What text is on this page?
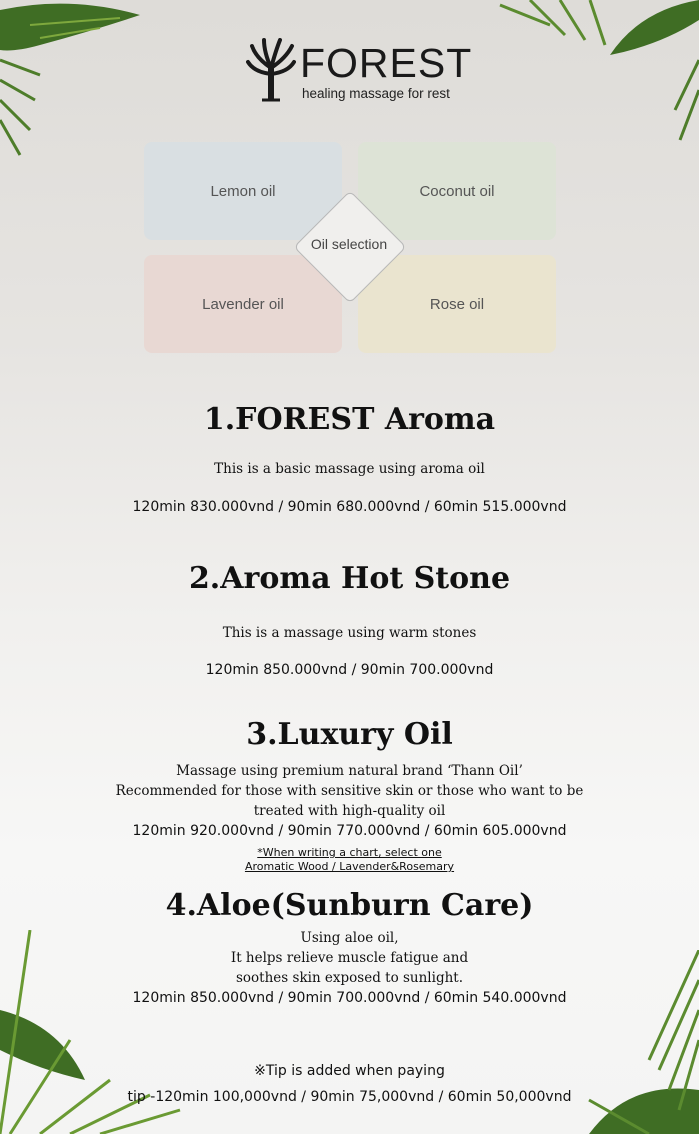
FOREST
healing massage for rest
Lemon oil	Coconut oil
Lavender oil	Rose oil
Oil selection
1.FOREST Aroma
This is a basic massage using aroma oil
120min 830.000vnd / 90min 680.000vnd / 60min 515.000vnd
2.Aroma Hot Stone
This is a massage using warm stones
120min 850.000vnd / 90min 700.000vnd
3.Luxury Oil
Massage using premium natural brand ‘Thann Oil’
Recommended for those with sensitive skin or those who want to be
treated with high-quality oil
120min 920.000vnd / 90min 770.000vnd / 60min 605.000vnd
*When writing a chart, select one
Aromatic Wood / Lavender&Rosemary
4.Aloe(Sunburn Care)
Using aloe oil,
It helps relieve muscle fatigue and
soothes skin exposed to sunlight.
120min 850.000vnd / 90min 700.000vnd / 60min 540.000vnd
※Tip is added when paying
tip -120min 100,000vnd / 90min 75,000vnd / 60min 50,000vnd
